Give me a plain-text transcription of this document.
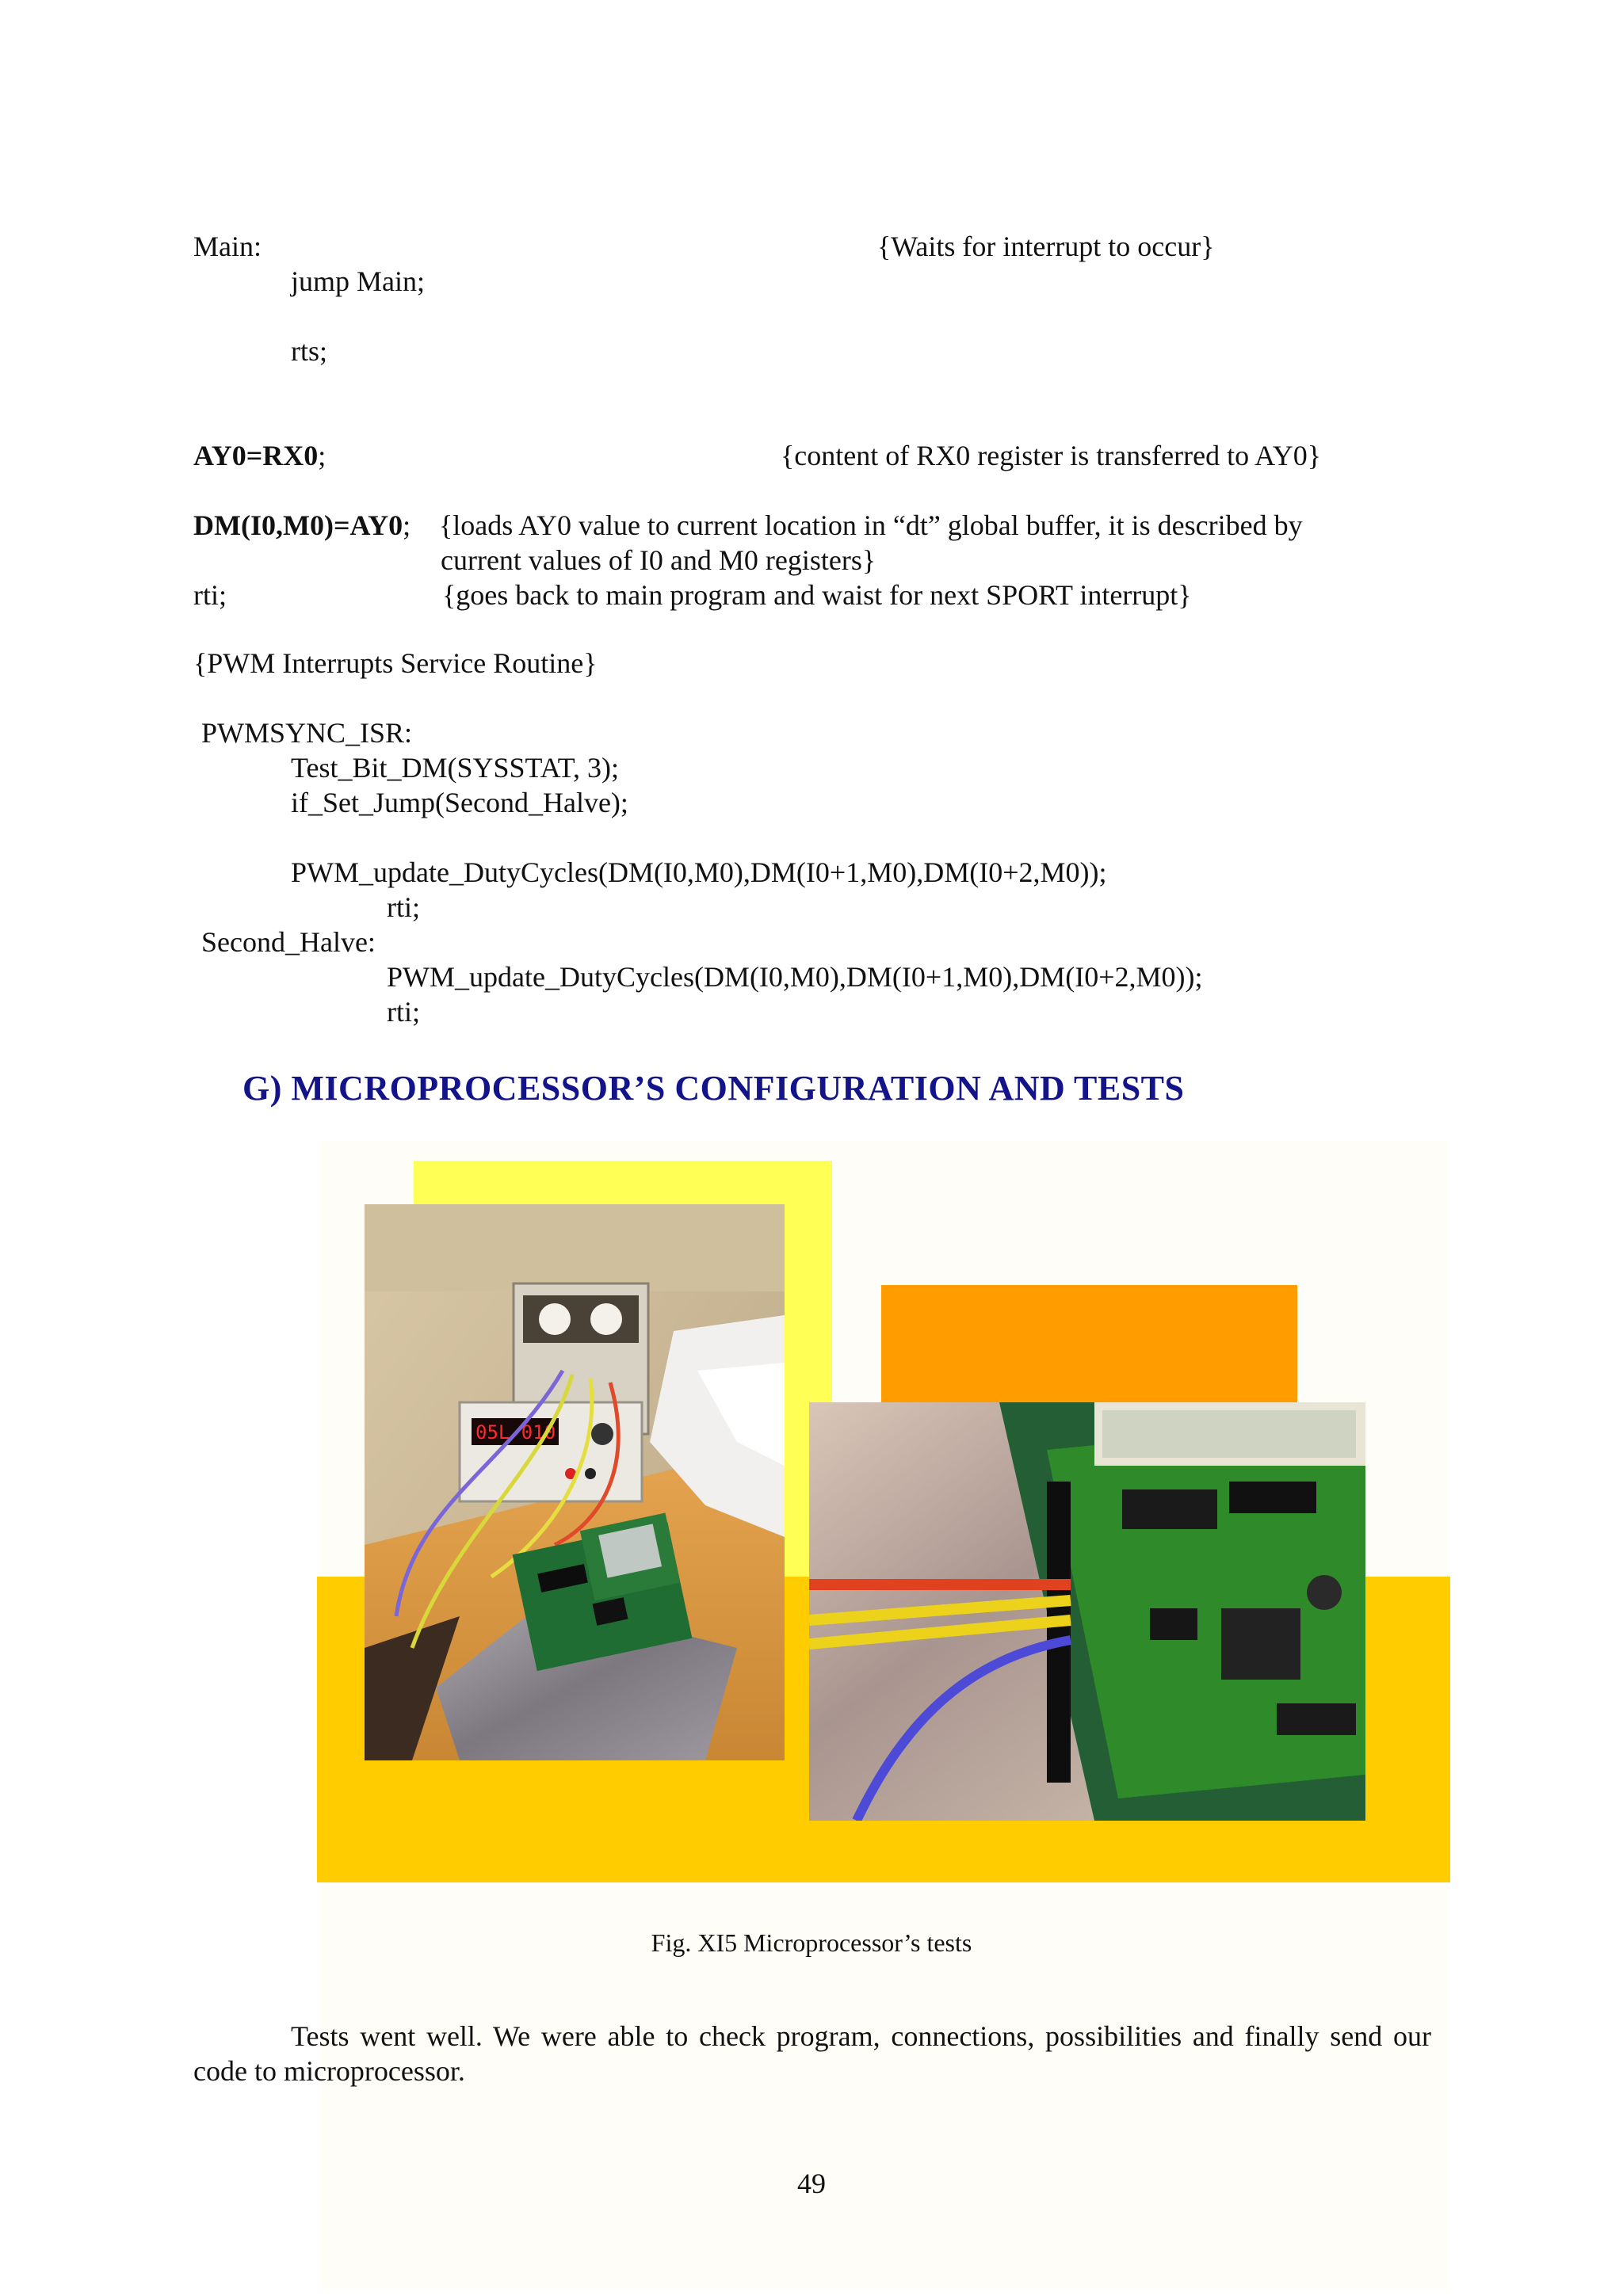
Main:	{Waits for interrupt to occur}
jump Main;
rts;
AY0=RX0;	{content of RX0 register is transferred to AY0}
DM(I0,M0)=AY0; {loads AY0 value to current location in “dt” global buffer, it is described by
current values of I0 and M0 registers}
rti;	{goes back to main program and waist for next SPORT interrupt}
{PWM Interrupts Service Routine}
PWMSYNC_ISR:
Test_Bit_DM(SYSSTAT, 3);
if_Set_Jump(Second_Halve);
PWM_update_DutyCycles(DM(I0,M0),DM(I0+1,M0),DM(I0+2,M0));
rti;
Second_Halve:
PWM_update_DutyCycles(DM(I0,M0),DM(I0+1,M0),DM(I0+2,M0));
rti;
G) MICROPROCESSOR’S CONFIGURATION AND TESTS
05L 010
Fig. XI5 Microprocessor’s tests
Tests went well. We were able to check program, connections, possibilities and finally send our code to microprocessor.
49
